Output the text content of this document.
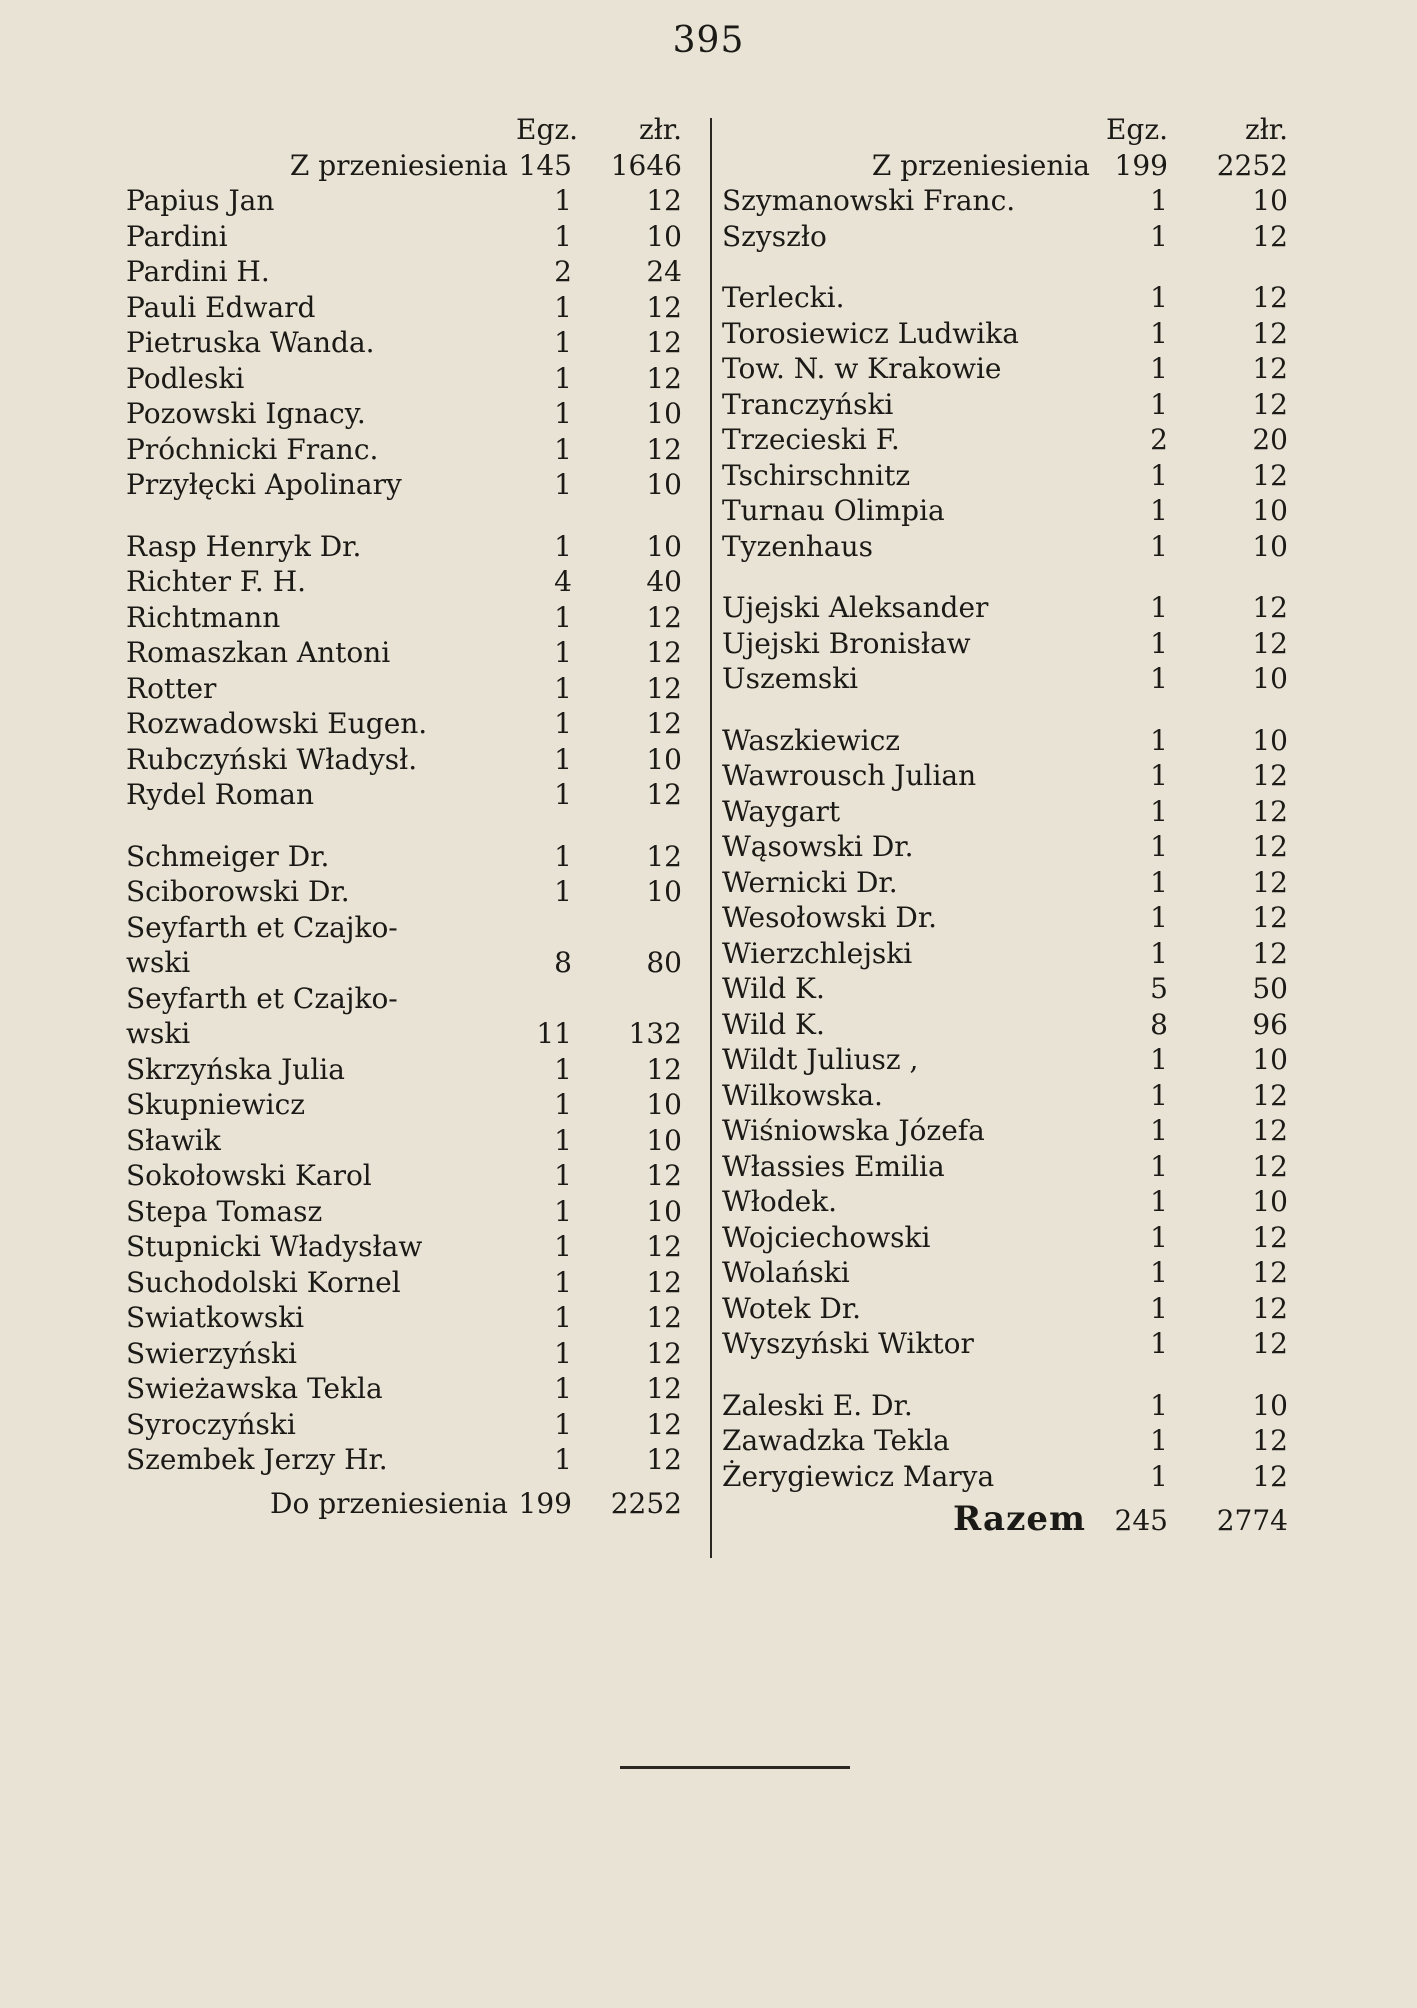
395
Egz.	złr.
Z przeniesienia 145	1646
Papius Jan	1	12
Pardini	1	10
Pardini H.	2	24
Pauli Edward	1	12
Pietruska Wanda.	1	12
Podleski	1	12
Pozowski Ignacy.	1	10
Próchnicki Franc.	1	12
Przyłęcki Apolinary	1	10
Rasp Henryk Dr.	1	10
Richter F. H.	4	40
Richtmann	1	12
Romaszkan Antoni	1	12
Rotter	1	12
Rozwadowski Eugen.	1	12
Rubczyński Władysł.	1	10
Rydel Roman	1	12
Schmeiger Dr.	1	12
Sciborowski Dr.	1	10
Seyfarth et Czajko-
wski	8	80
Seyfarth et Czajko-
wski	11	132
Skrzyńska Julia	1	12
Skupniewicz	1	10
Sławik	1	10
Sokołowski Karol	1	12
Stepa Tomasz	1	10
Stupnicki Władysław	1	12
Suchodolski Kornel	1	12
Swiatkowski	1	12
Swierzyński	1	12
Swieżawska Tekla	1	12
Syroczyński	1	12
Szembek Jerzy Hr.	1	12
Do przeniesienia 199	2252
Egz.	złr.
Z przeniesienia 199	2252
Szymanowski Franc.	1	10
Szyszło	1	12
Terlecki.	1	12
Torosiewicz Ludwika	1	12
Tow. N. w Krakowie	1	12
Tranczyński	1	12
Trzecieski F.	2	20
Tschirschnitz	1	12
Turnau Olimpia	1	10
Tyzenhaus	1	10
Ujejski Aleksander	1	12
Ujejski Bronisław	1	12
Uszemski	1	10
Waszkiewicz	1	10
Wawrousch Julian	1	12
Waygart	1	12
Wąsowski Dr.	1	12
Wernicki Dr.	1	12
Wesołowski Dr.	1	12
Wierzchlejski	1	12
Wild K.	5	50
Wild K.	8	96
Wildt Juliusz ,	1	10
Wilkowska.	1	12
Wiśniowska Józefa	1	12
Włassies Emilia	1	12
Włodek.	1	10
Wojciechowski	1	12
Wolański	1	12
Wotek Dr.	1	12
Wyszyński Wiktor	1	12
Zaleski E. Dr.	1	10
Zawadzka Tekla	1	12
Żerygiewicz Marya	1	12
Razem	245	2774
